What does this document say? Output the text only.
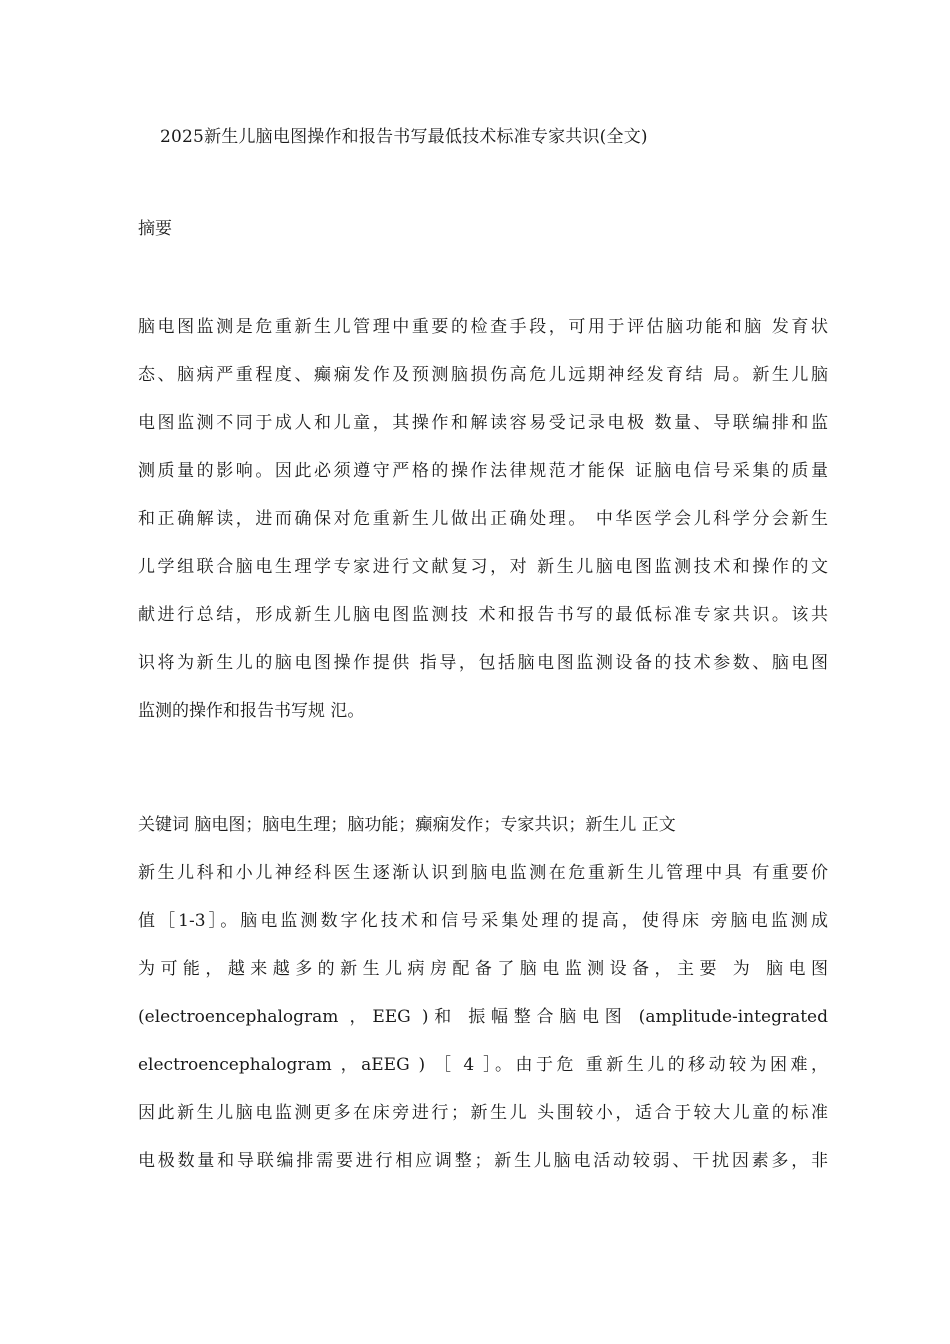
2025新生儿脑电图操作和报告书写最低技术标准专家共识(全文)
摘要
脑电图监测是危重新生儿管理中重要的检查手段，可用于评估脑功能和脑 发育状
态、脑病严重程度、癫痫发作及预测脑损伤高危儿远期神经发育结 局。新生儿脑
电图监测不同于成人和儿童，其操作和解读容易受记录电极 数量、导联编排和监
测质量的影响。因此必须遵守严格的操作法律规范才能保 证脑电信号采集的质量
和正确解读，进而确保对危重新生儿做出正确处理。 中华医学会儿科学分会新生
儿学组联合脑电生理学专家进行文献复习，对 新生儿脑电图监测技术和操作的文
献进行总结，形成新生儿脑电图监测技 术和报告书写的最低标准专家共识。该共
识将为新生儿的脑电图操作提供 指导，包括脑电图监测设备的技术参数、脑电图
监测的操作和报告书写规 氾。
关键词 脑电图；脑电生理；脑功能；癫痫发作；专家共识；新生儿 正文
新生儿科和小儿神经科医生逐渐认识到脑电监测在危重新生儿管理中具 有重要价
值［1-3］。脑电监测数字化技术和信号采集处理的提高，使得床 旁脑电监测成
为可能，越来越多的新生儿病房配备了脑电监测设备，主要 为 脑电图
(electroencephalogram ，EEG )和 振幅整合脑电图 (amplitude-integrated
electroencephalogram ，aEEG ) ［ 4 ］。由于危 重新生儿的移动较为困难，
因此新生儿脑电监测更多在床旁进行；新生儿 头围较小，适合于较大儿童的标准
电极数量和导联编排需要进行相应调整；新生儿脑电活动较弱、干扰因素多，非
